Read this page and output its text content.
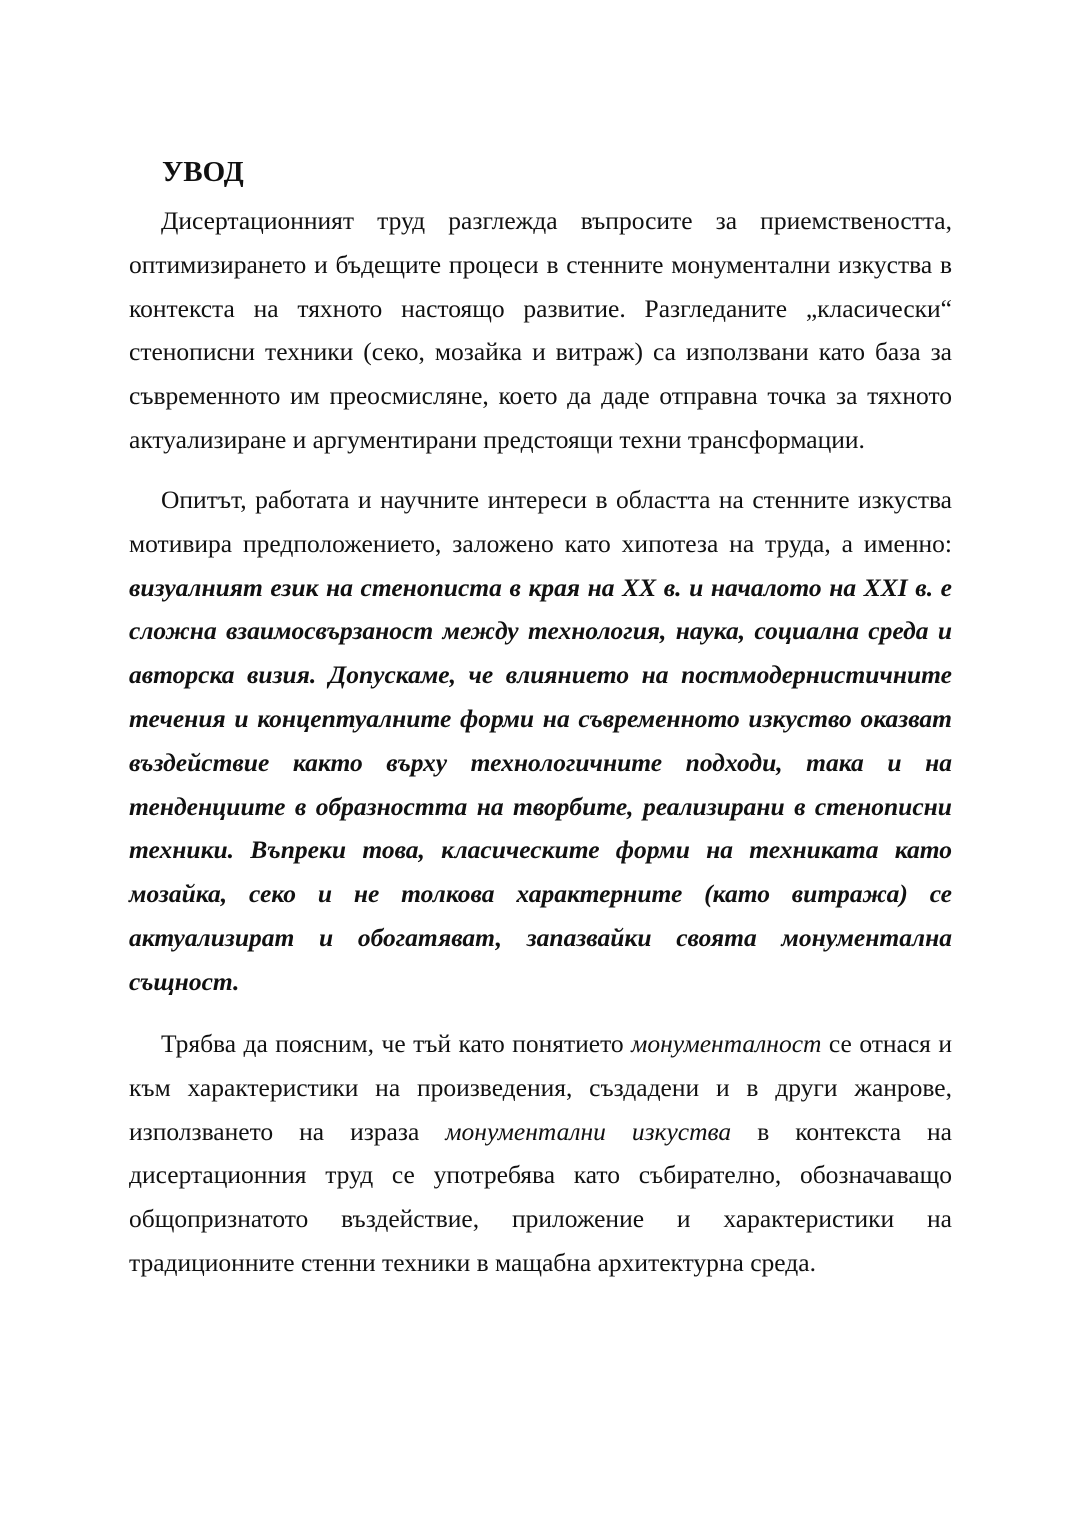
УВОД

Дисертационният труд разглежда въпросите за приемствеността, оптимизирането и бъдещите процеси в стенните монументални изкуства в контекста на тяхното настоящо развитие. Разгледаните „класически“ стенописни техники (секо, мозайка и витраж) са използвани като база за съвременното им преосмисляне, което да даде отправна точка за тяхното актуализиране и аргументирани предстоящи техни трансформации.

Опитът, работата и научните интереси в областта на стенните изкуства мотивира предположението, заложено като хипотеза на труда, а именно: визуалният език на стенописта в края на XX в. и началото на XXI в. е сложна взаимосвързаност между технология, наука, социална среда и авторска визия. Допускаме, че влиянието на постмодернистичните течения и концептуалните форми на съвременното изкуство оказват въздействие както върху технологичните подходи, така и на тенденциите в образността на творбите, реализирани в стенописни техники. Въпреки това, класическите форми на техниката като мозайка, секо и не толкова характерните (като витража) се актуализират и обогатяват, запазвайки своята монументална същност.

Трябва да поясним, че тъй като понятието монументалност се отнася и към характеристики на произведения, създадени и в други жанрове, използването на израза монументални изкуства в контекста на дисертационния труд се употребява като събирателно, обозначаващо общопризнатото въздействие, приложение и характеристики на традиционните стенни техники в мащабна архитектурна среда.
